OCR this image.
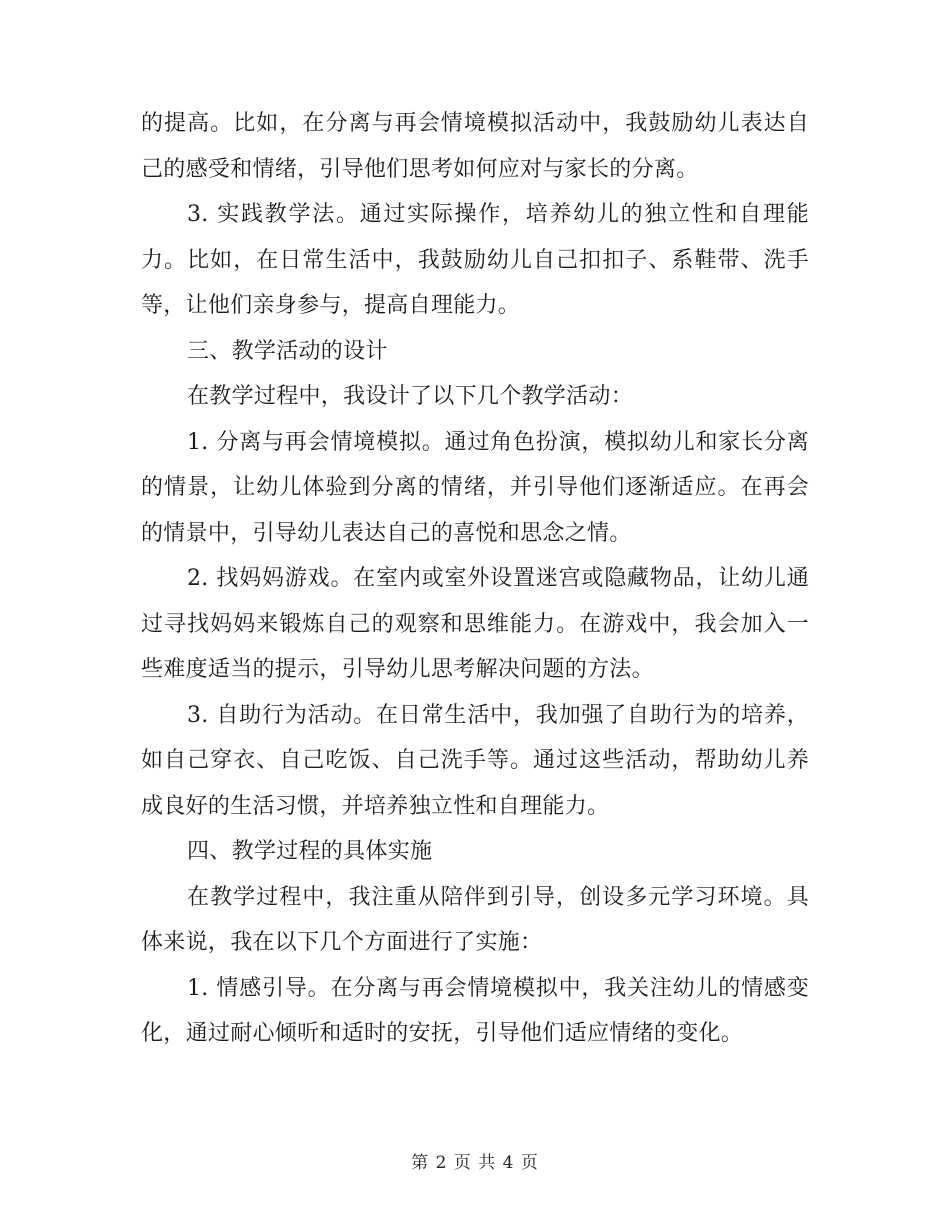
的提高。比如，在分离与再会情境模拟活动中，我鼓励幼儿表达自己的感受和情绪，引导他们思考如何应对与家长的分离。

3. 实践教学法。通过实际操作，培养幼儿的独立性和自理能力。比如，在日常生活中，我鼓励幼儿自己扣扣子、系鞋带、洗手等，让他们亲身参与，提高自理能力。

三、教学活动的设计

在教学过程中，我设计了以下几个教学活动：

1. 分离与再会情境模拟。通过角色扮演，模拟幼儿和家长分离的情景，让幼儿体验到分离的情绪，并引导他们逐渐适应。在再会的情景中，引导幼儿表达自己的喜悦和思念之情。

2. 找妈妈游戏。在室内或室外设置迷宫或隐藏物品，让幼儿通过寻找妈妈来锻炼自己的观察和思维能力。在游戏中，我会加入一些难度适当的提示，引导幼儿思考解决问题的方法。

3. 自助行为活动。在日常生活中，我加强了自助行为的培养，如自己穿衣、自己吃饭、自己洗手等。通过这些活动，帮助幼儿养成良好的生活习惯，并培养独立性和自理能力。

四、教学过程的具体实施

在教学过程中，我注重从陪伴到引导，创设多元学习环境。具体来说，我在以下几个方面进行了实施：

1. 情感引导。在分离与再会情境模拟中，我关注幼儿的情感变化，通过耐心倾听和适时的安抚，引导他们适应情绪的变化。

第 2 页 共 4 页
